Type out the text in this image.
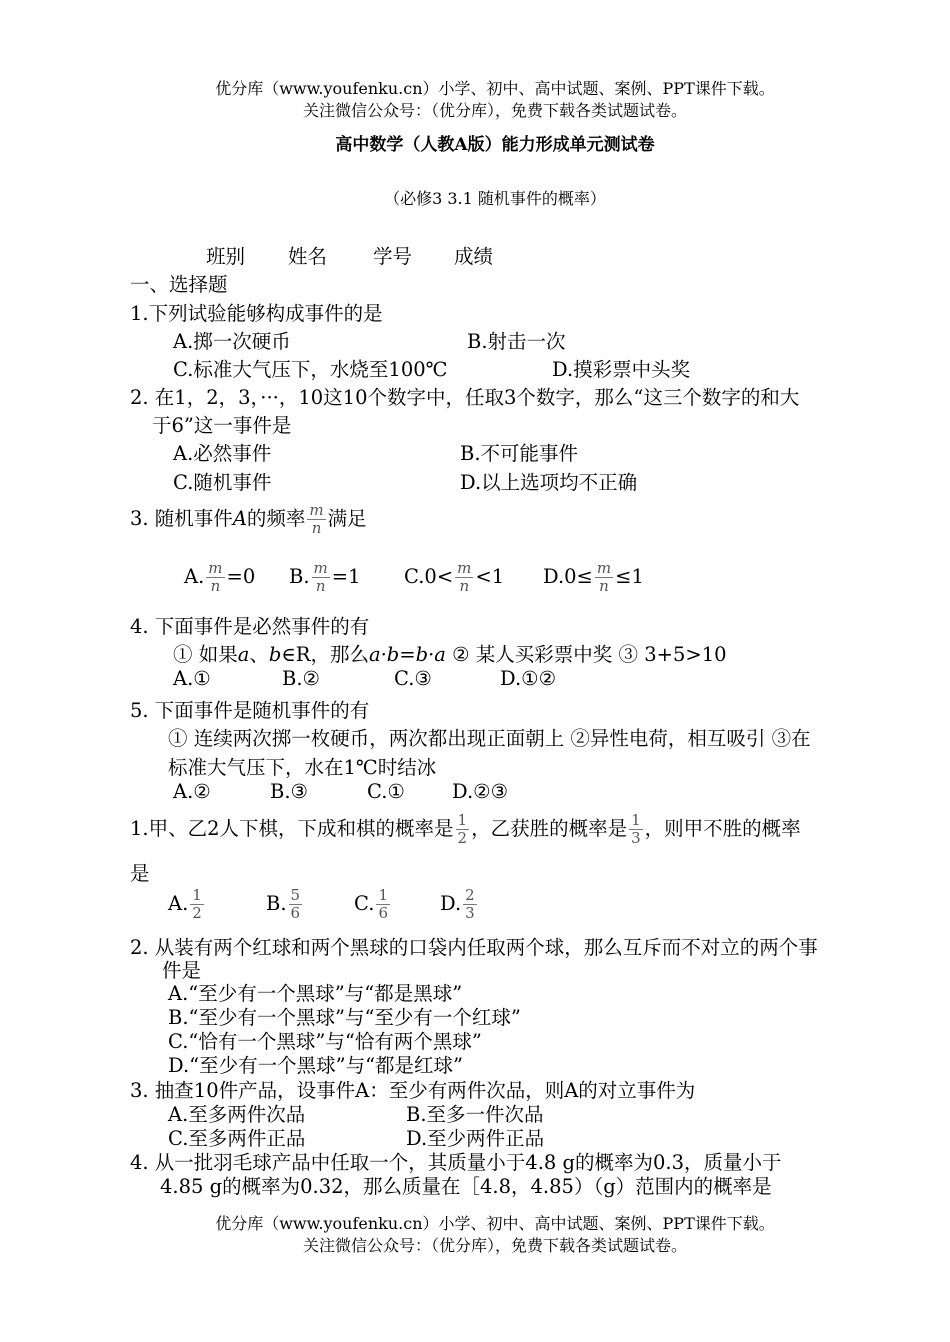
优分库（www.youfenku.cn）小学、初中、高中试题、案例、PPT课件下载。
关注微信公众号：（优分库），免费下载各类试题试卷。
高中数学（人教A版）能力形成单元测试卷
（必修3 3.1 随机事件的概率）
班别 姓名 学号 成绩
一、选择题
1.下列试验能够构成事件的是
A.掷一次硬币	B.射击一次
C.标准大气压下，水烧至100℃	D.摸彩票中头奖
2. 在1，2，3，···，10这10个数字中，任取3个数字，那么“这三个数字的和大
于6”这一事件是
A.必然事件	B.不可能事件
C.随机事件	D.以上选项均不正确
3. 随机事件A的频率 $\frac{m}{n}$ 满足
A. $\frac{m}{n} =0$ B. $\frac{m}{n} =1$ $C.0< \frac{m}{n} <1$ $D.0\le \frac{m}{n} \le 1$
4. 下面事件是必然事件的有
① 如果a、b∈R，那么a·b=b·a ② 某人买彩票中奖 ③ 3+5>10
A.①	B.②	C.③	D.①②
5. 下面事件是随机事件的有
① 连续两次掷一枚硬币，两次都出现正面朝上 ②异性电荷，相互吸引 ③在
标准大气压下，水在1℃时结冰
A.②	B.③	C.① D.②③
1.甲、乙2人下棋，下成和棋的概率是 $\frac{1}{2}$ ，乙获胜的概率是 $\frac{1}{3}$ ，则甲不胜的概率
是
A. $\frac{1}{2}$	B. $\frac{5}{6}$	C. $\frac{1}{6}$	D. $\frac{2}{3}$
2. 从装有两个红球和两个黑球的口袋内任取两个球，那么互斥而不对立的两个事
件是
A.“至少有一个黑球”与“都是黑球”
B.“至少有一个黑球”与“至少有一个红球”
C.“恰有一个黑球”与“恰有两个黑球”
D.“至少有一个黑球”与“都是红球”
3. 抽查10件产品，设事件A：至少有两件次品，则A的对立事件为
A.至多两件次品	B.至多一件次品
C.至多两件正品	D.至少两件正品
4. 从一批羽毛球产品中任取一个，其质量小于4.8 g的概率为0.3，质量小于
4.85 g的概率为0.32，那么质量在［4.8，4.85）（g）范围内的概率是
优分库（www.youfenku.cn）小学、初中、高中试题、案例、PPT课件下载。
关注微信公众号：（优分库），免费下载各类试题试卷。
